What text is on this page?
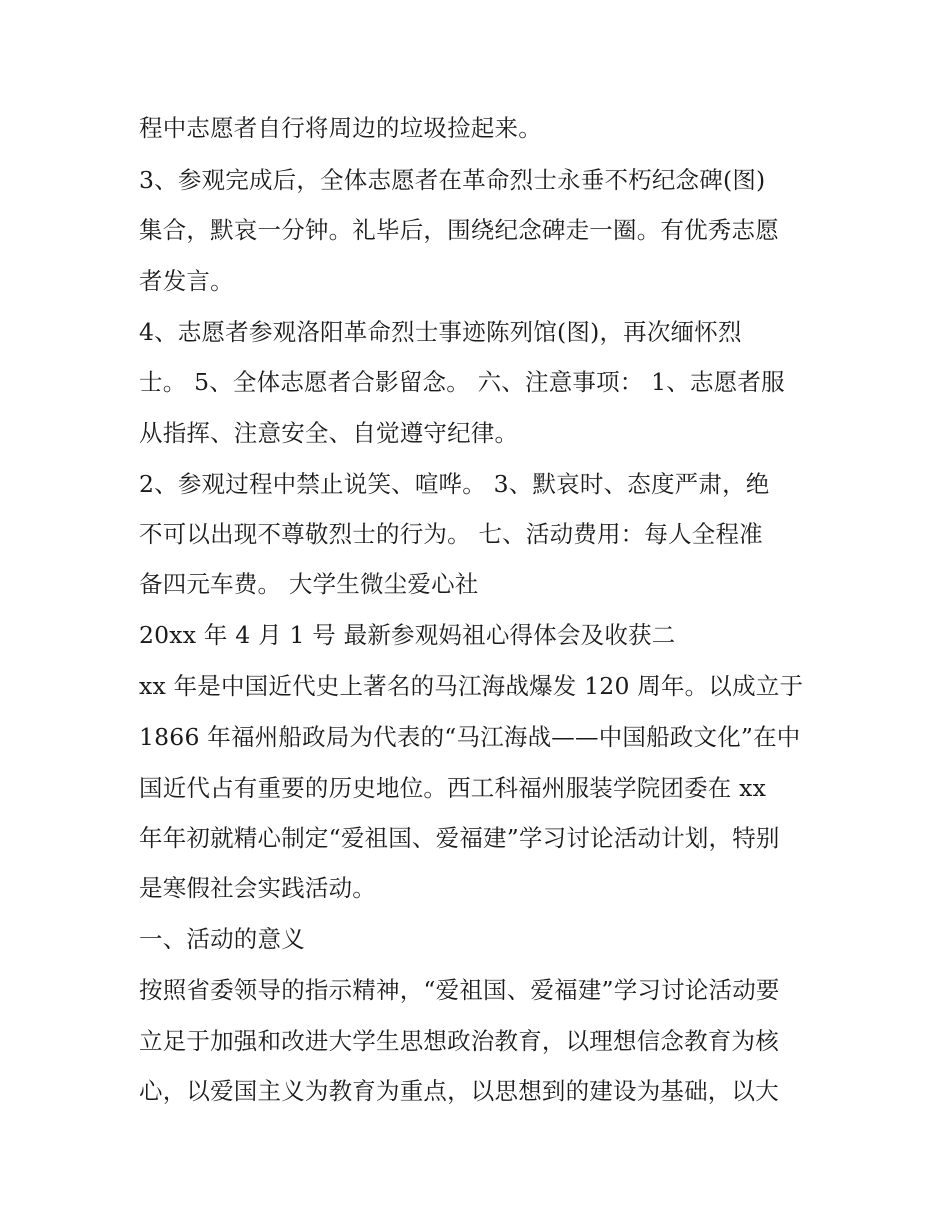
程中志愿者自行将周边的垃圾捡起来。
3、参观完成后，全体志愿者在革命烈士永垂不朽纪念碑(图)
集合，默哀一分钟。礼毕后，围绕纪念碑走一圈。有优秀志愿
者发言。
4、志愿者参观洛阳革命烈士事迹陈列馆(图)，再次缅怀烈
士。 5、全体志愿者合影留念。 六、注意事项： 1、志愿者服
从指挥、注意安全、自觉遵守纪律。
2、参观过程中禁止说笑、喧哗。 3、默哀时、态度严肃，绝
不可以出现不尊敬烈士的行为。 七、活动费用：每人全程准
备四元车费。 大学生微尘爱心社
20xx 年 4 月 1 号 最新参观妈祖心得体会及收获二
xx 年是中国近代史上著名的马江海战爆发 120 周年。以成立于
1866 年福州船政局为代表的“马江海战——中国船政文化”在中
国近代占有重要的历史地位。西工科福州服装学院团委在 xx
年年初就精心制定“爱祖国、爱福建”学习讨论活动计划，特别
是寒假社会实践活动。
一、活动的意义
按照省委领导的指示精神，“爱祖国、爱福建”学习讨论活动要
立足于加强和改进大学生思想政治教育，以理想信念教育为核
心，以爱国主义为教育为重点，以思想到的建设为基础，以大
